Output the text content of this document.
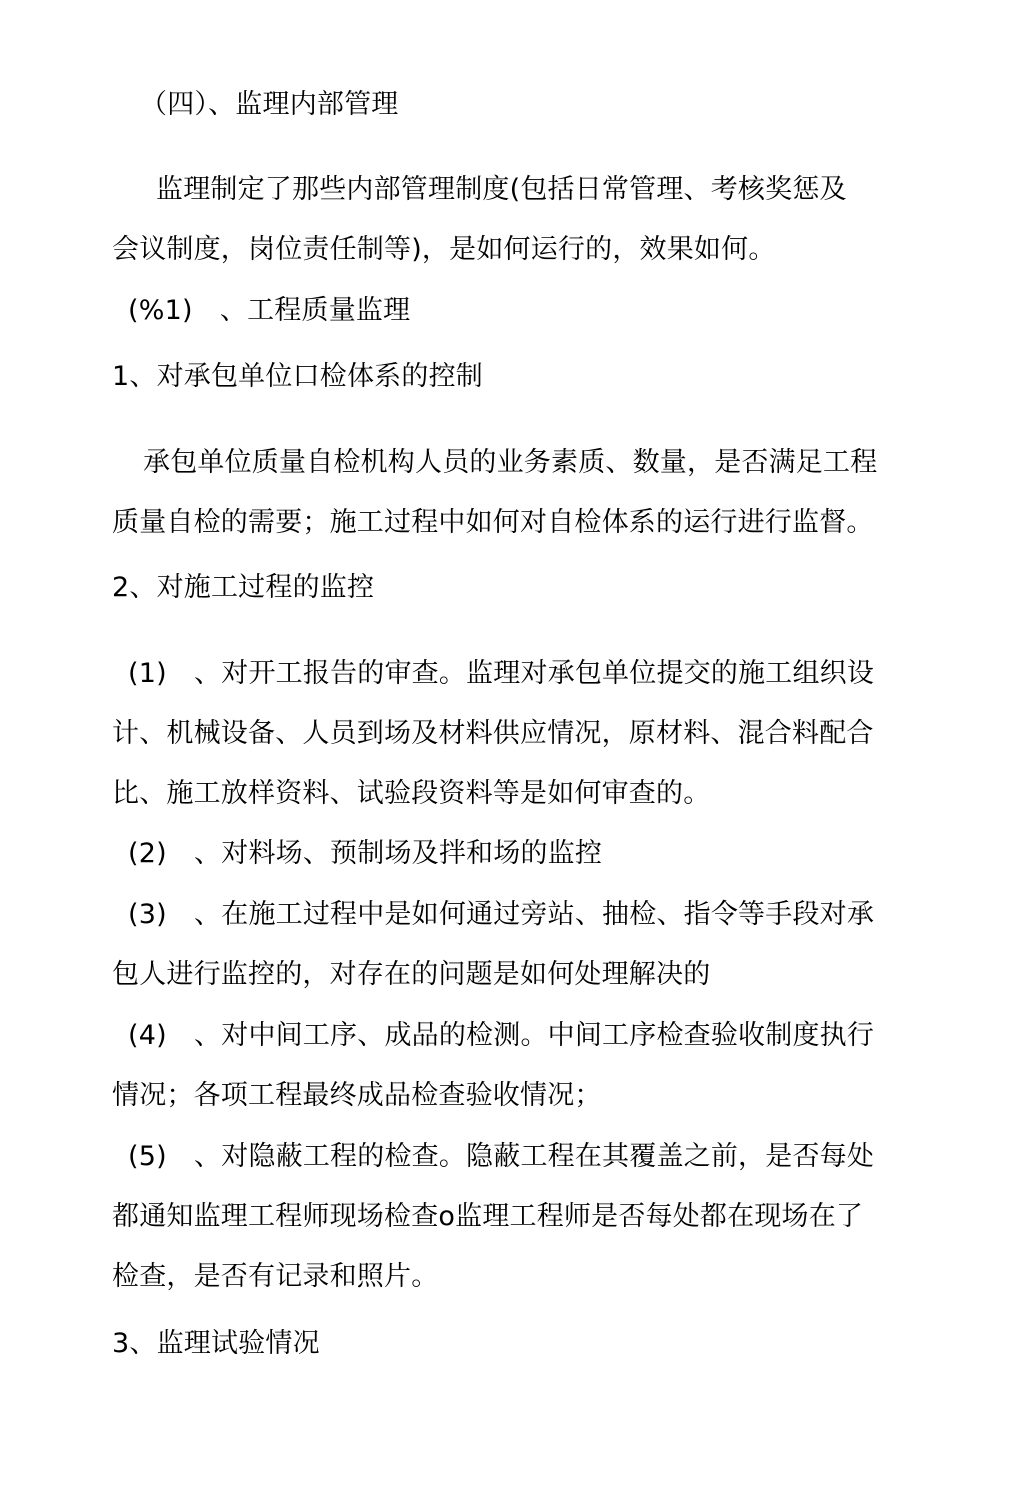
（四）、监理内部管理
监理制定了那些内部管理制度(包括日常管理、考核奖惩及
会议制度，岗位责任制等)，是如何运行的，效果如何。
(%1)　、工程质量监理
1、对承包单位口检体系的控制
承包单位质量自检机构人员的业务素质、数量，是否满足工程
质量自检的需要；施工过程中如何对自检体系的运行进行监督。
2、对施工过程的监控
(1)　、对开工报告的审查。监理对承包单位提交的施工组织设
计、机械设备、人员到场及材料供应情况，原材料、混合料配合
比、施工放样资料、试验段资料等是如何审查的。
(2)　、对料场、预制场及拌和场的监控
(3)　、在施工过程中是如何通过旁站、抽检、指令等手段对承
包人进行监控的，对存在的问题是如何处理解决的
(4)　、对中间工序、成品的检测。中间工序检查验收制度执行
情况；各项工程最终成品检查验收情况；
(5)　、对隐蔽工程的检查。隐蔽工程在其覆盖之前，是否每处
都通知监理工程师现场检查o监理工程师是否每处都在现场在了
检查，是否有记录和照片。
3、监理试验情况
